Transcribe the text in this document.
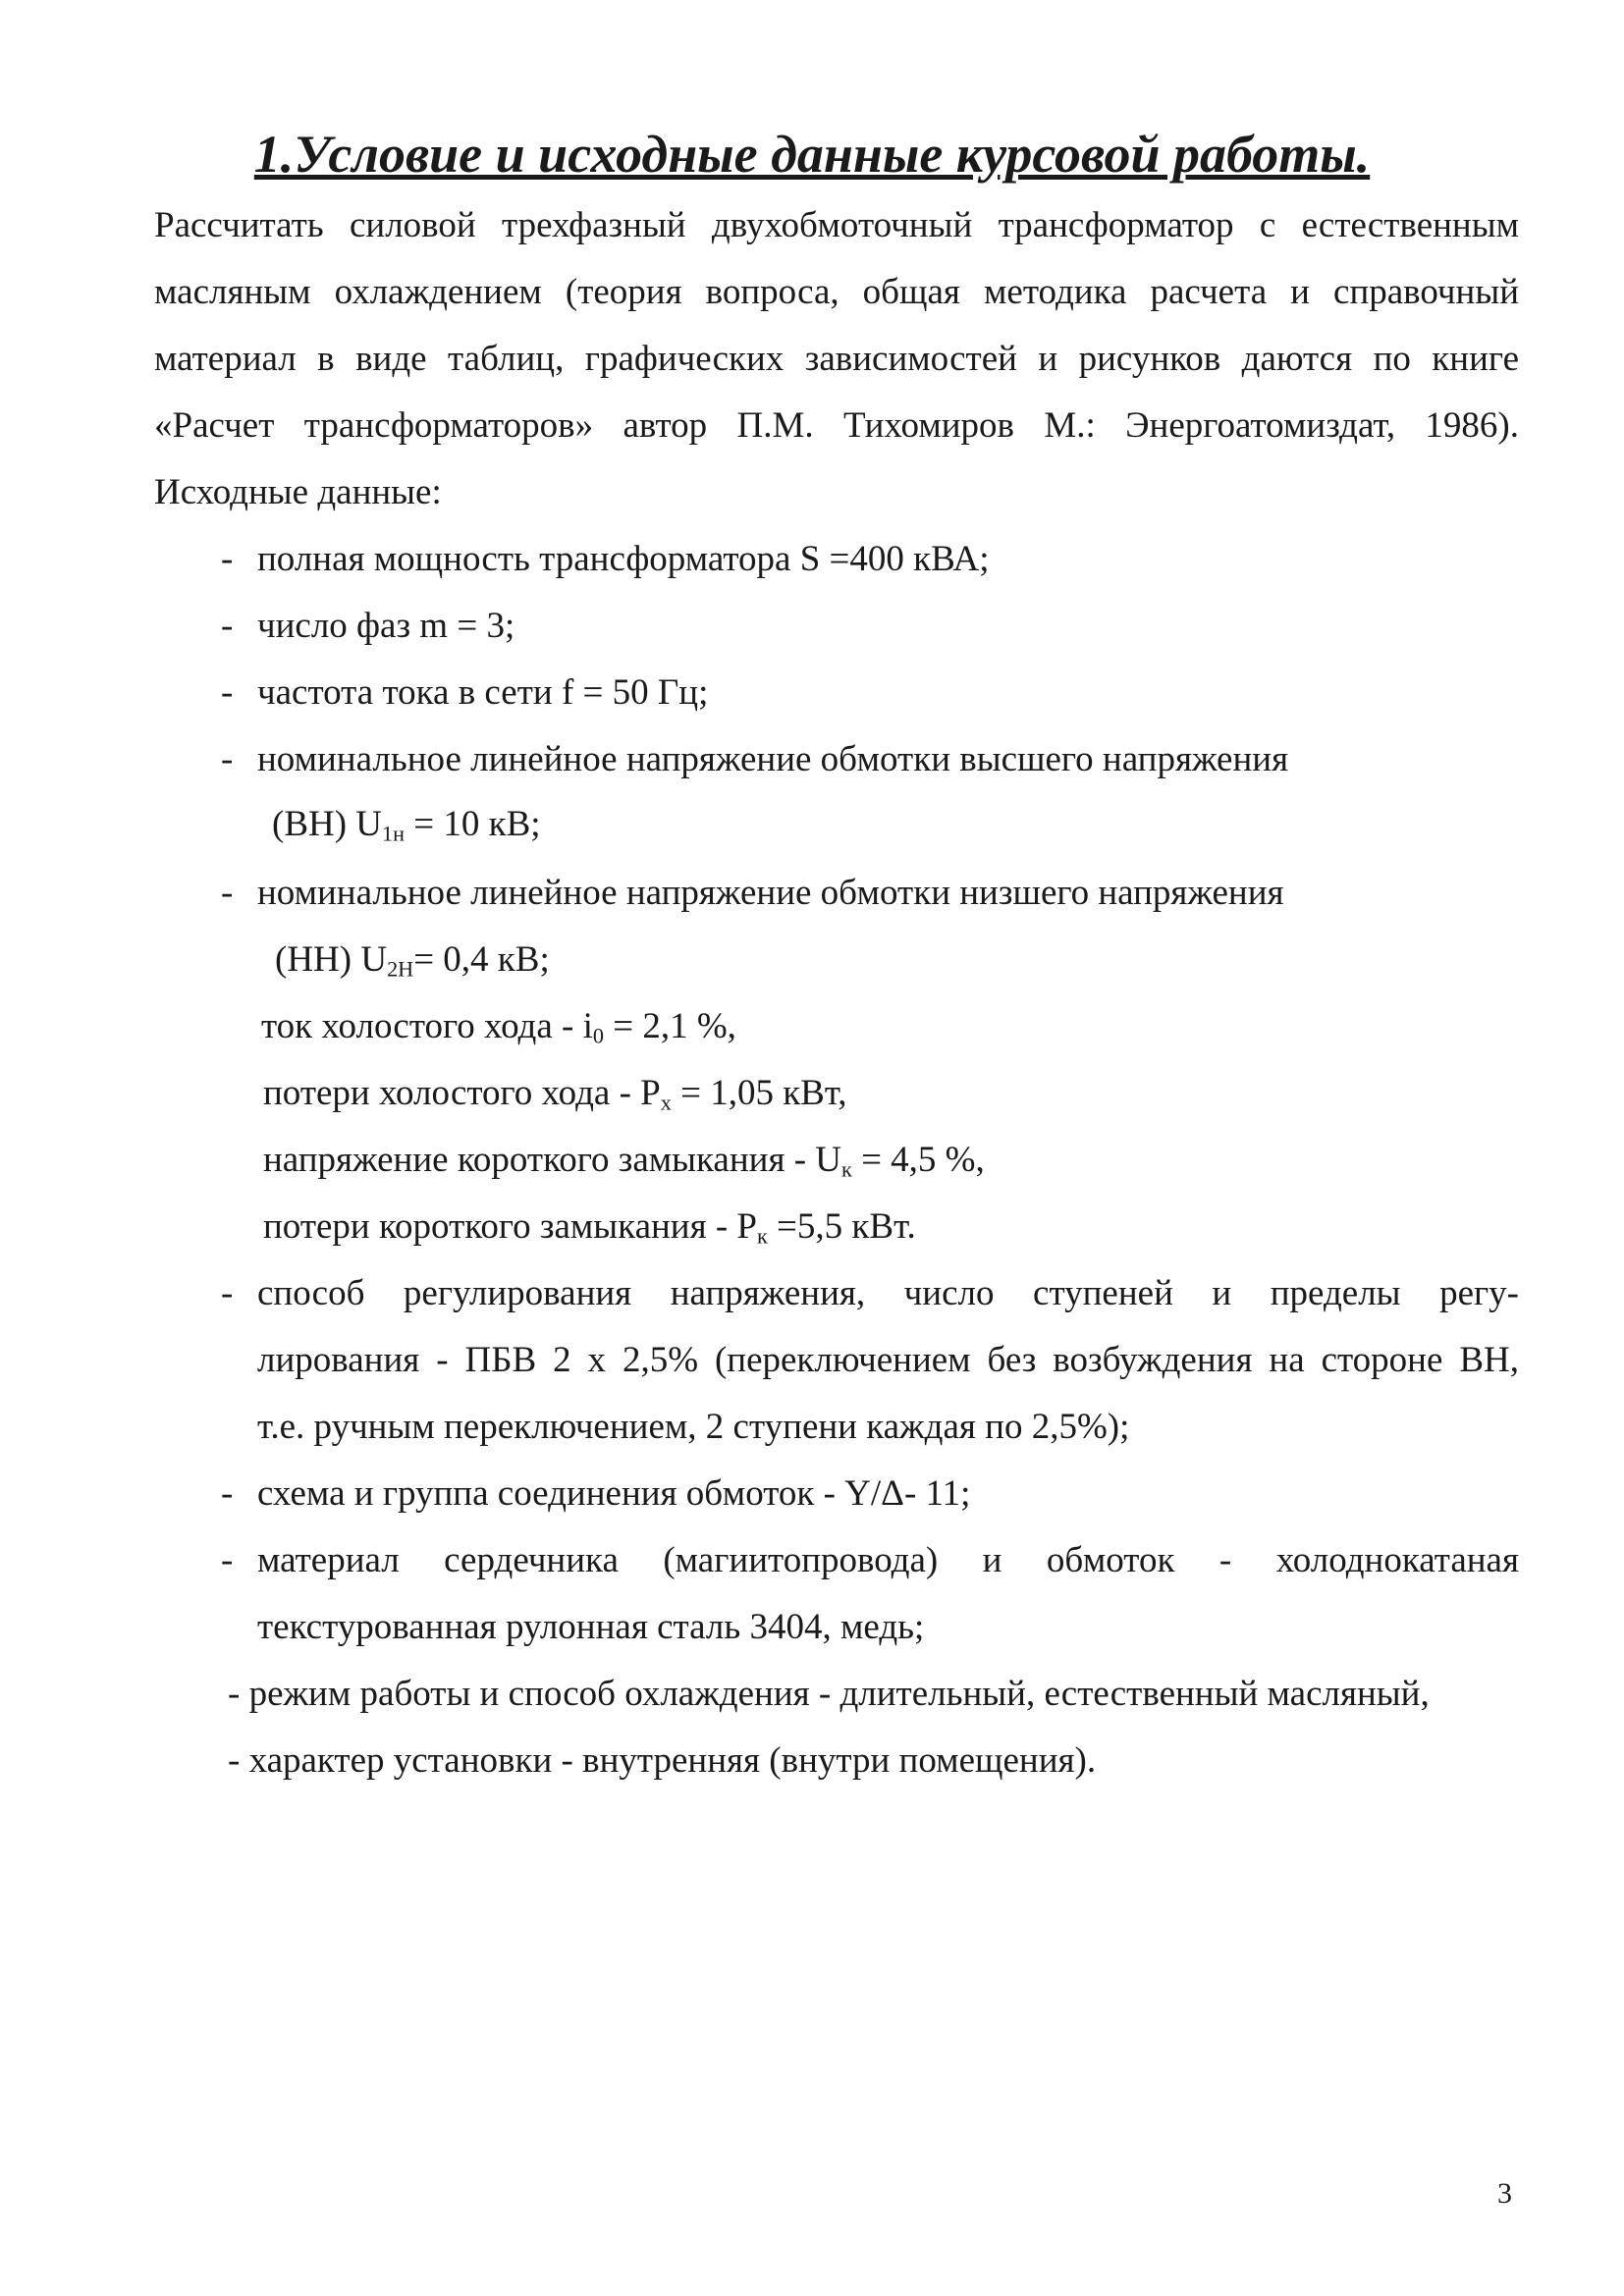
1.Условие и исходные данные курсовой работы.
Рассчитать силовой трехфазный двухобмоточный трансформатор с естественным
масляным охлаждением (теория вопроса, общая методика расчета и справочный
материал в виде таблиц, графических зависимостей и рисунков даются по книге
«Расчет трансформаторов» автор П.М. Тихомиров М.: Энергоатомиздат, 1986).
Исходные данные:
- полная мощность трансформатора S =400 кВА;
- число фаз m = 3;
- частота тока в сети f = 50 Гц;
- номинальное линейное напряжение обмотки высшего напряжения
(ВН) $U_{1н} = 10$ кВ;
- номинальное линейное напряжение обмотки низшего напряжения
(НН) $U_{2Н}= 0,4$ кВ;
ток холостого хода - $i_0 = 2,1$ %,
потери холостого хода - $P_х = 1,05$ кВт,
напряжение короткого замыкания - $U_к = 4,5$ %,
потери короткого замыкания - $P_к =5,5$ кВт.
- способ регулирования напряжения, число ступеней и пределы регу-
лирования - ПБВ 2 х 2,5% (переключением без возбуждения на стороне ВН,
т.е. ручным переключением, 2 ступени каждая по 2,5%);
- схема и группа соединения обмоток - Y/Δ- 11;
- материал сердечника (магиитопровода) и обмоток - холоднокатаная
текстурованная рулонная сталь 3404, медь;
- режим работы и способ охлаждения - длительный, естественный масляный,
- характер установки - внутренняя (внутри помещения).
3
